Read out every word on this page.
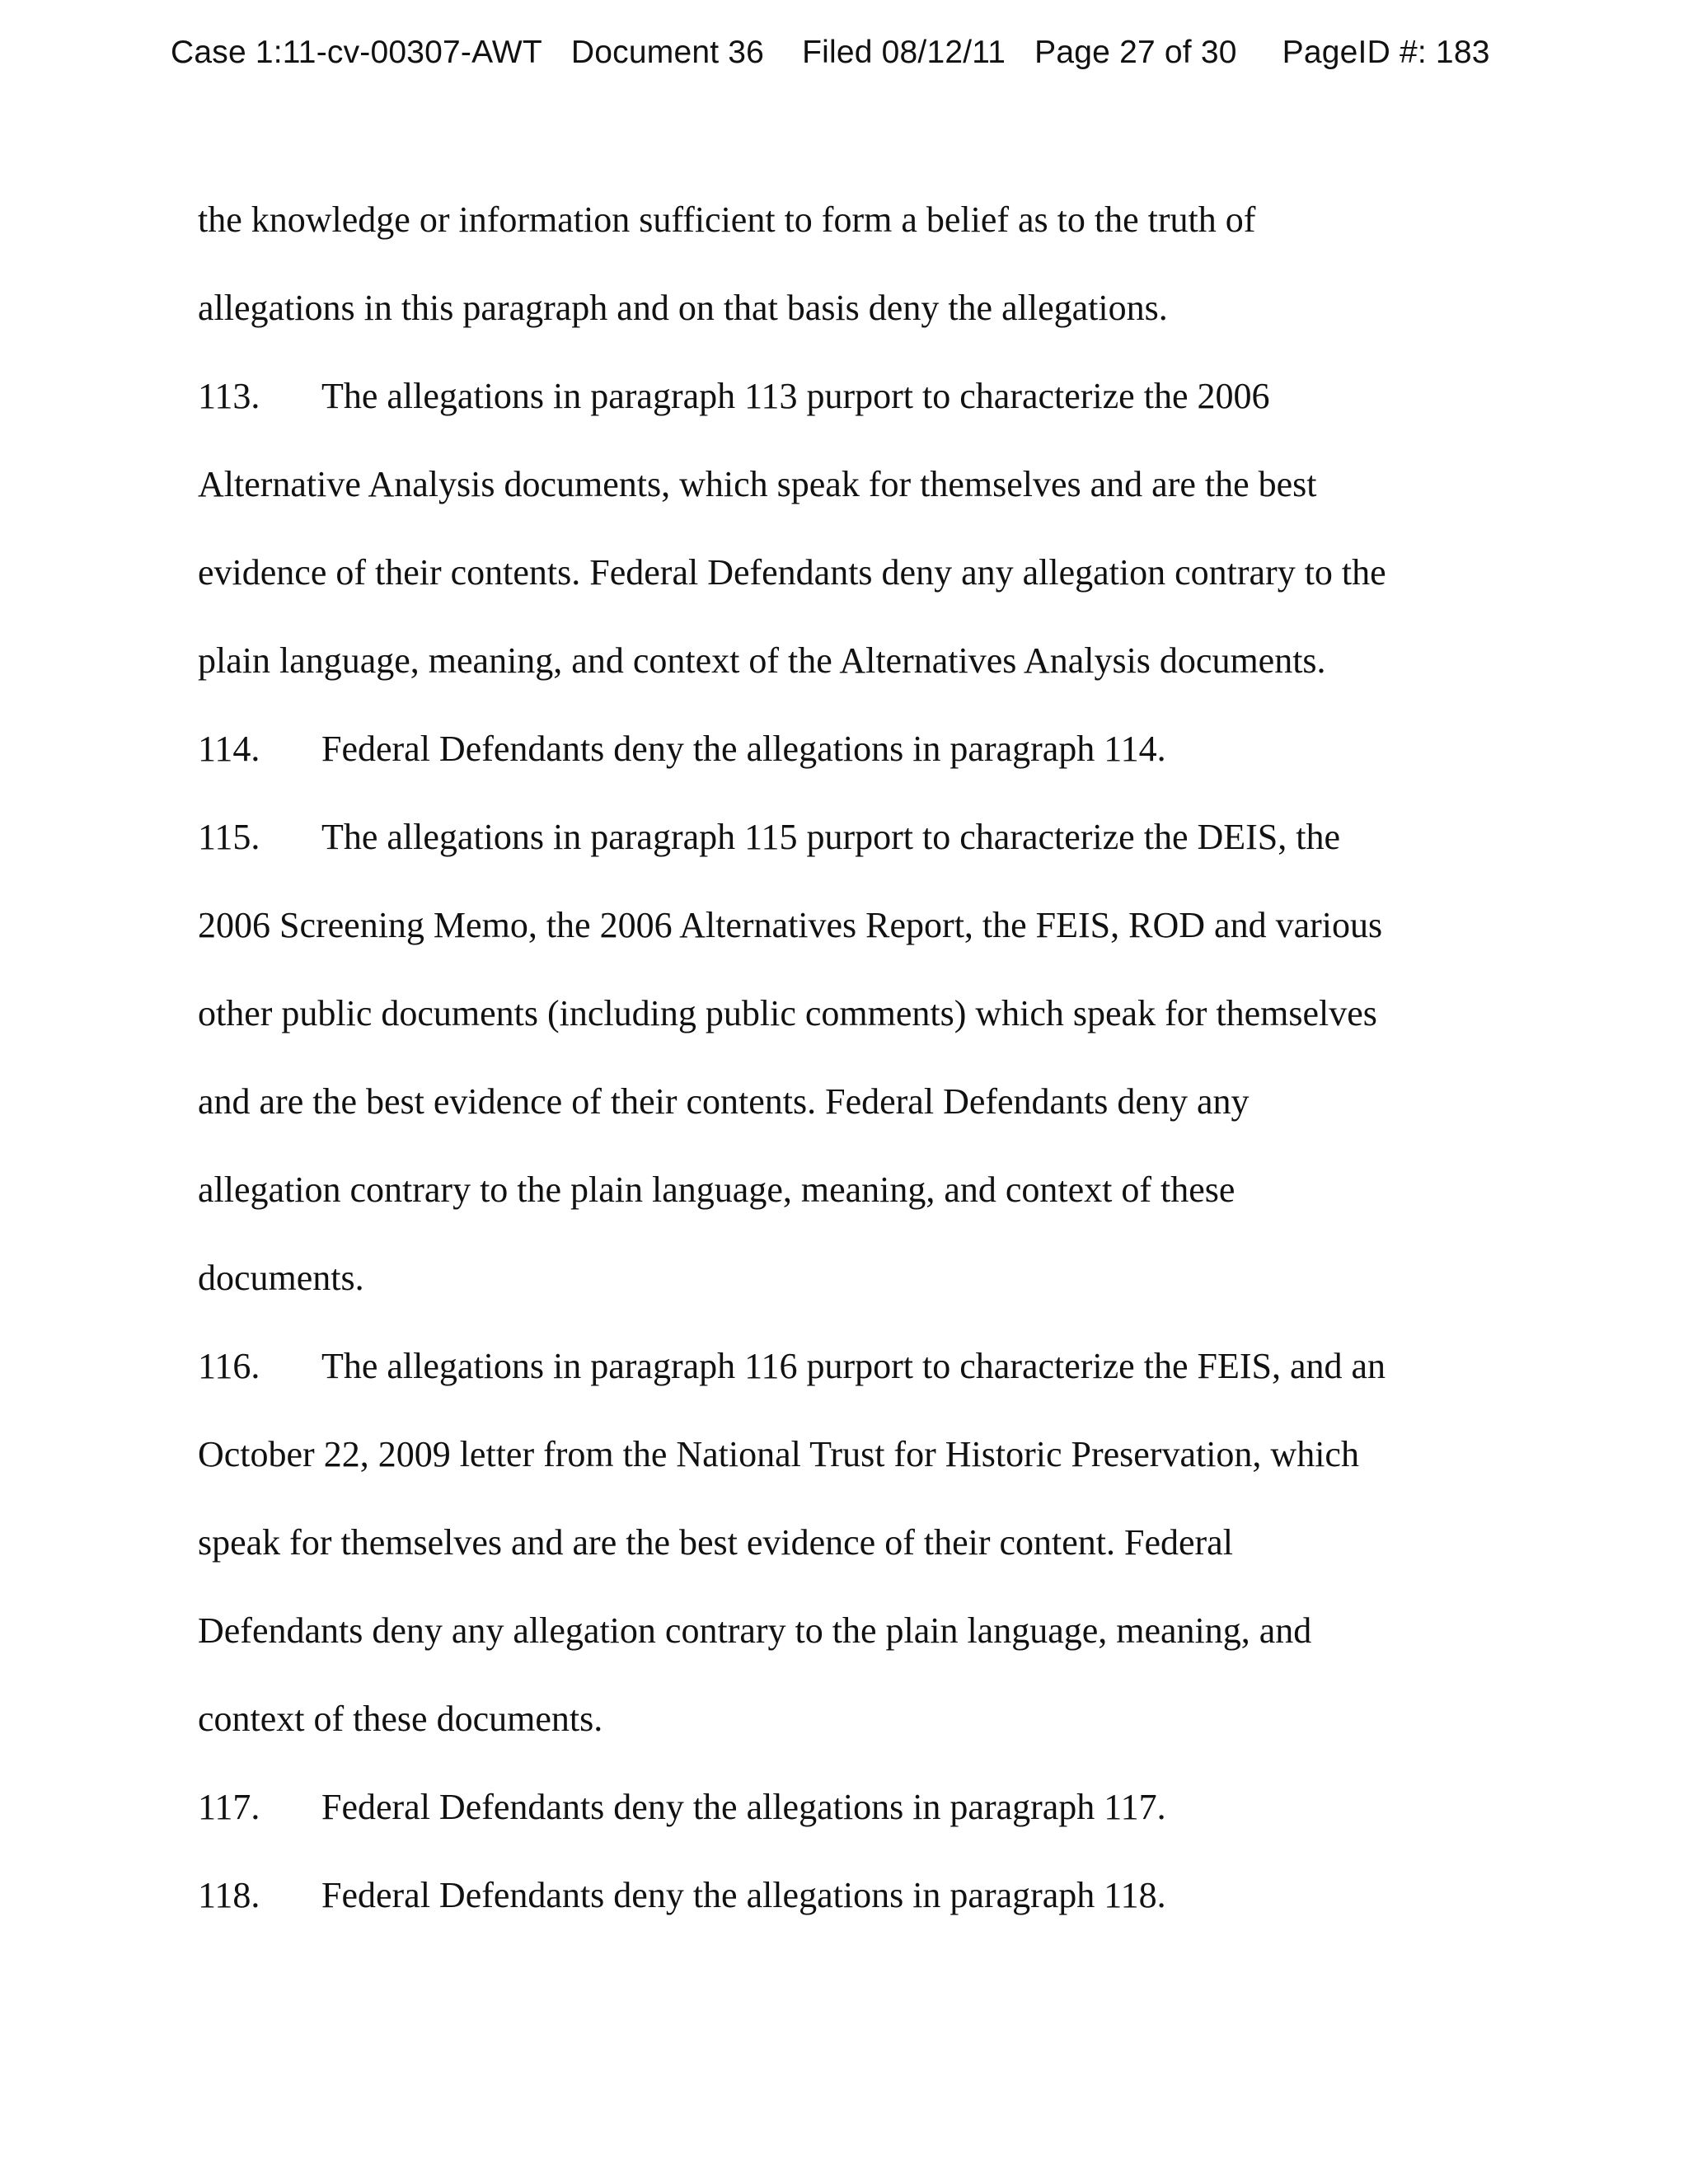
Case 1:11-cv-00307-AWT Document 36 Filed 08/12/11 Page 27 of 30 PageID #: 183
the knowledge or information sufficient to form a belief as to the truth of
allegations in this paragraph and on that basis deny the allegations.
113. The allegations in paragraph 113 purport to characterize the 2006
Alternative Analysis documents, which speak for themselves and are the best
evidence of their contents. Federal Defendants deny any allegation contrary to the
plain language, meaning, and context of the Alternatives Analysis documents.
114. Federal Defendants deny the allegations in paragraph 114.
115. The allegations in paragraph 115 purport to characterize the DEIS, the
2006 Screening Memo, the 2006 Alternatives Report, the FEIS, ROD and various
other public documents (including public comments) which speak for themselves
and are the best evidence of their contents. Federal Defendants deny any
allegation contrary to the plain language, meaning, and context of these
documents.
116. The allegations in paragraph 116 purport to characterize the FEIS, and an
October 22, 2009 letter from the National Trust for Historic Preservation, which
speak for themselves and are the best evidence of their content. Federal
Defendants deny any allegation contrary to the plain language, meaning, and
context of these documents.
117. Federal Defendants deny the allegations in paragraph 117.
118. Federal Defendants deny the allegations in paragraph 118.
